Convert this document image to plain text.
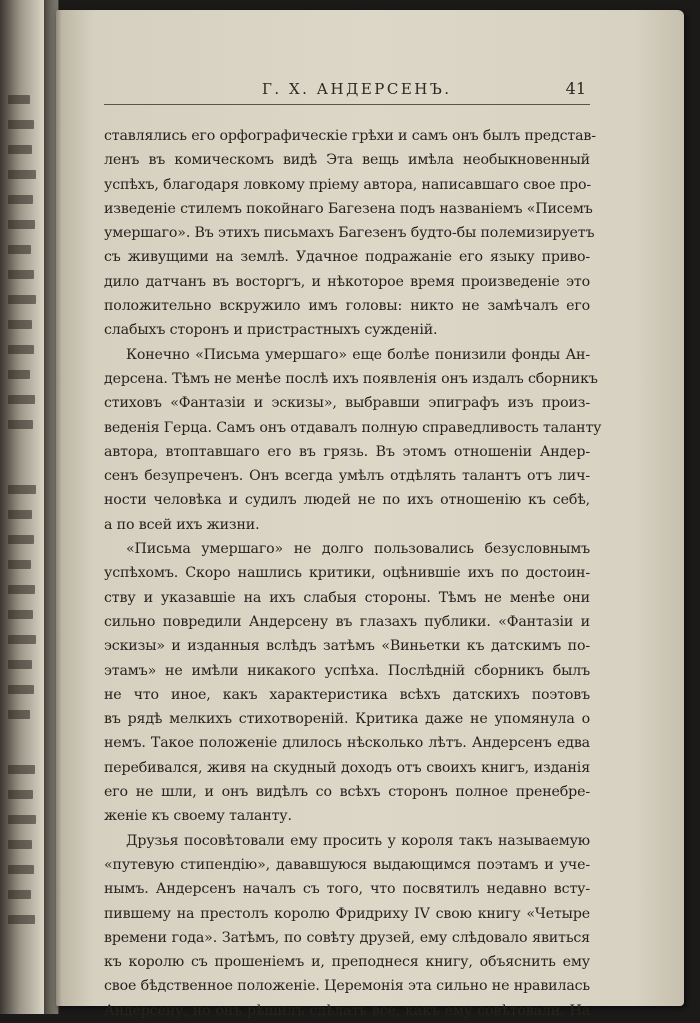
Г. Х. АНДЕРСЕНЪ.	41
ставлялись его орфографическіе грѣхи и самъ онъ былъ представ-
ленъ въ комическомъ видѣ Эта вещь имѣла необыкновенный
успѣхъ, благодаря ловкому пріему автора, написавшаго свое про-
изведеніе стилемъ покойнаго Багезена подъ названіемъ «Писемъ
умершаго». Въ этихъ письмахъ Багезенъ будто-бы полемизируетъ
съ живущими на землѣ. Удачное подражаніе его языку приво-
дило датчанъ въ восторгъ, и нѣкоторое время произведеніе это
положительно вскружило имъ головы: никто не замѣчалъ его
слабыхъ сторонъ и пристрастныхъ сужденій.
Конечно «Письма умершаго» еще болѣе понизили фонды Ан-
дерсена. Тѣмъ не менѣе послѣ ихъ появленія онъ издалъ сборникъ
стиховъ «Фантазіи и эскизы», выбравши эпиграфъ изъ произ-
веденія Герца. Самъ онъ отдавалъ полную справедливость таланту
автора, втоптавшаго его въ грязь. Въ этомъ отношеніи Андер-
сенъ безупреченъ. Онъ всегда умѣлъ отдѣлять талантъ отъ лич-
ности человѣка и судилъ людей не по ихъ отношенію къ себѣ,
а по всей ихъ жизни.
«Письма умершаго» не долго пользовались безусловнымъ
успѣхомъ. Скоро нашлись критики, оцѣнившіе ихъ по достоин-
ству и указавшіе на ихъ слабыя стороны. Тѣмъ не менѣе они
сильно повредили Андерсену въ глазахъ публики. «Фантазіи и
эскизы» и изданныя вслѣдъ затѣмъ «Виньетки къ датскимъ по-
этамъ» не имѣли никакого успѣха. Послѣдній сборникъ былъ
не что иное, какъ характеристика всѣхъ датскихъ поэтовъ
въ рядѣ мелкихъ стихотвореній. Критика даже не упомянула о
немъ. Такое положеніе длилось нѣсколько лѣтъ. Андерсенъ едва
перебивался, живя на скудный доходъ отъ своихъ книгъ, изданія
его не шли, и онъ видѣлъ со всѣхъ сторонъ полное пренебре-
женіе къ своему таланту.
Друзья посовѣтовали ему просить у короля такъ называемую
«путевую стипендію», дававшуюся выдающимся поэтамъ и уче-
нымъ. Андерсенъ началъ съ того, что посвятилъ недавно всту-
пившему на престолъ королю Фридриху IV свою книгу «Четыре
времени года». Затѣмъ, по совѣту друзей, ему слѣдовало явиться
къ королю съ прошеніемъ и, преподнеся книгу, объяснить ему
свое бѣдственное положеніе. Церемонія эта сильно не нравилась
Андерсену, но онъ рѣшилъ сдѣлать все, какъ ему совѣтовали. На
